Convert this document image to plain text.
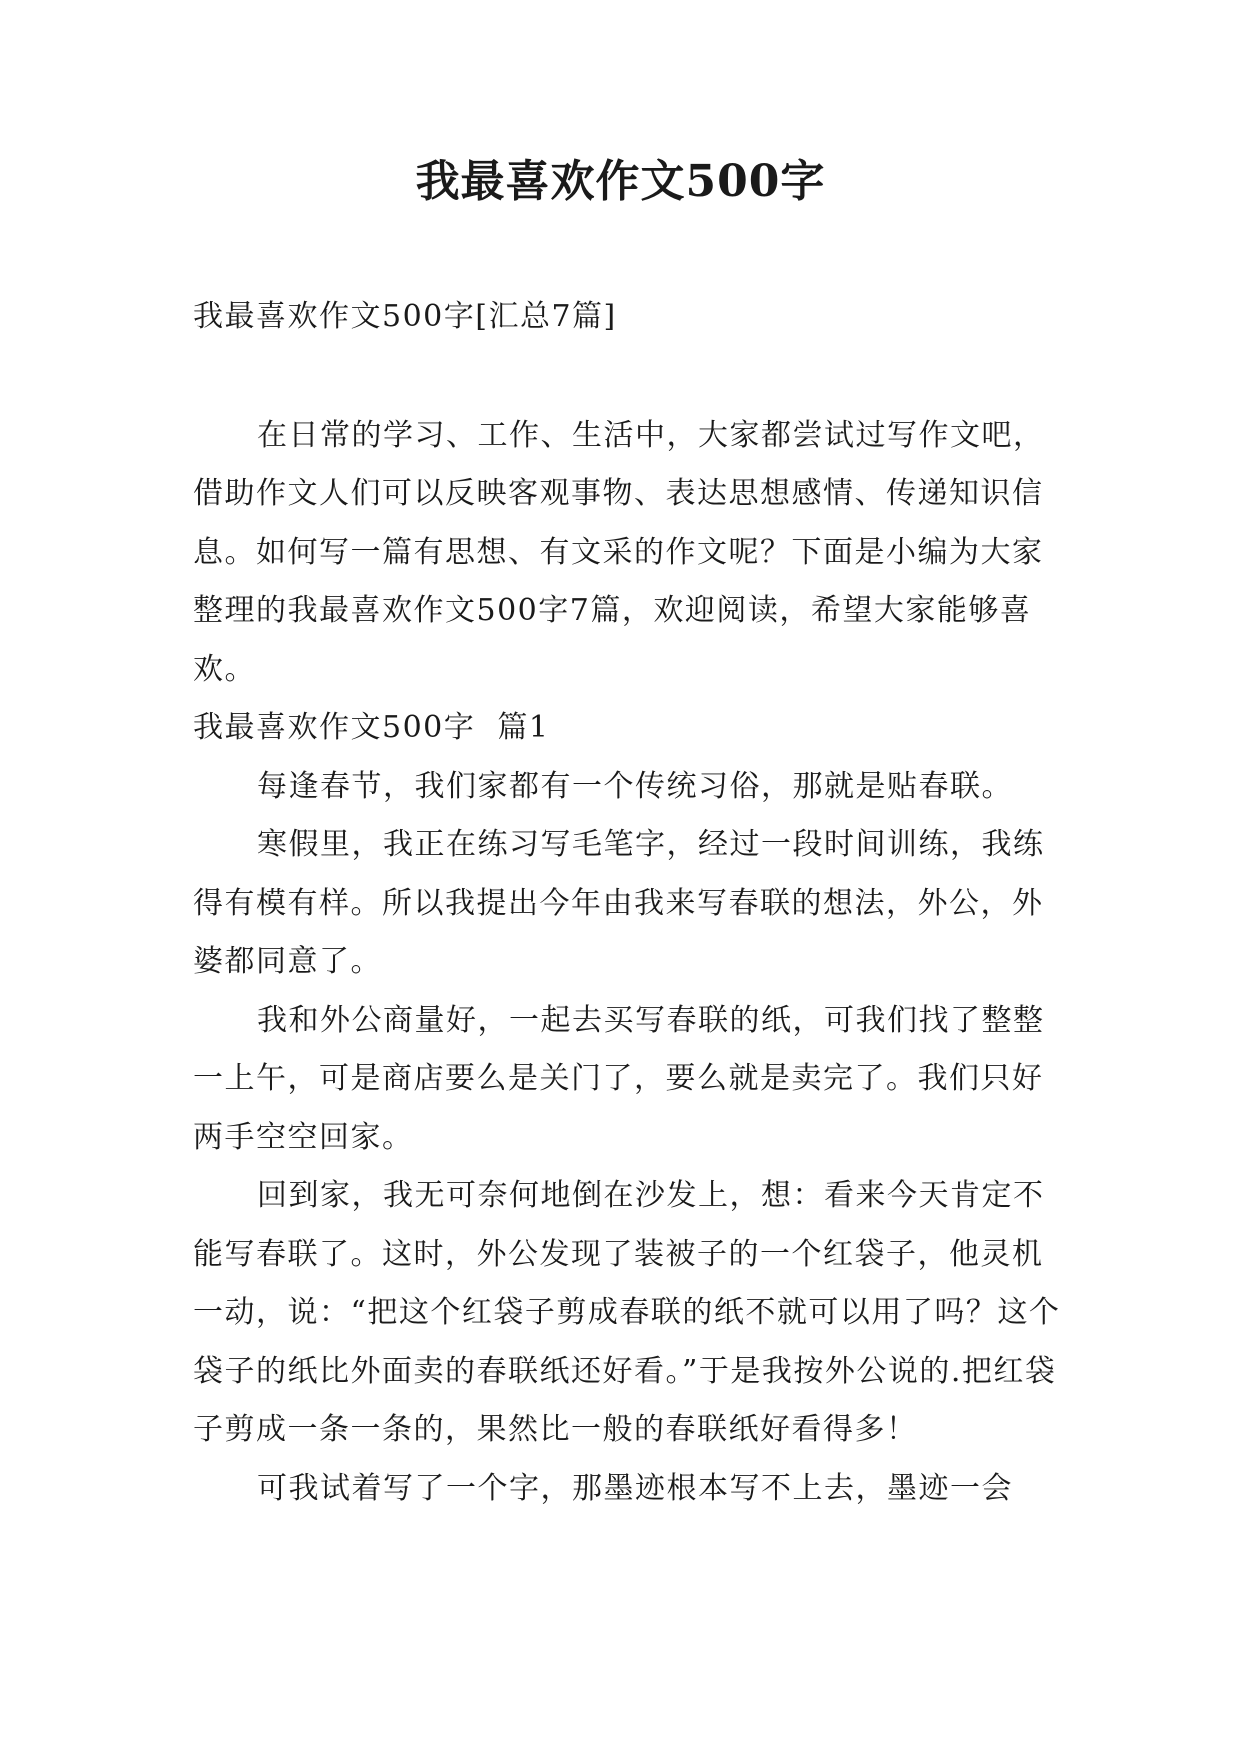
我最喜欢作文500字

我最喜欢作文500字[汇总7篇]

在日常的学习、工作、生活中，大家都尝试过写作文吧，借助作文人们可以反映客观事物、表达思想感情、传递知识信息。如何写一篇有思想、有文采的作文呢？下面是小编为大家整理的我最喜欢作文500字7篇，欢迎阅读，希望大家能够喜欢。

我最喜欢作文500字  篇1

每逢春节，我们家都有一个传统习俗，那就是贴春联。

寒假里，我正在练习写毛笔字，经过一段时间训练，我练得有模有样。所以我提出今年由我来写春联的想法，外公，外婆都同意了。

我和外公商量好，一起去买写春联的纸，可我们找了整整一上午，可是商店要么是关门了，要么就是卖完了。我们只好两手空空回家。

回到家，我无可奈何地倒在沙发上，想：看来今天肯定不能写春联了。这时，外公发现了装被子的一个红袋子，他灵机一动，说：“把这个红袋子剪成春联的纸不就可以用了吗？这个袋子的纸比外面卖的春联纸还好看。”于是我按外公说的.把红袋子剪成一条一条的，果然比一般的春联纸好看得多！

可我试着写了一个字，那墨迹根本写不上去，墨迹一会
